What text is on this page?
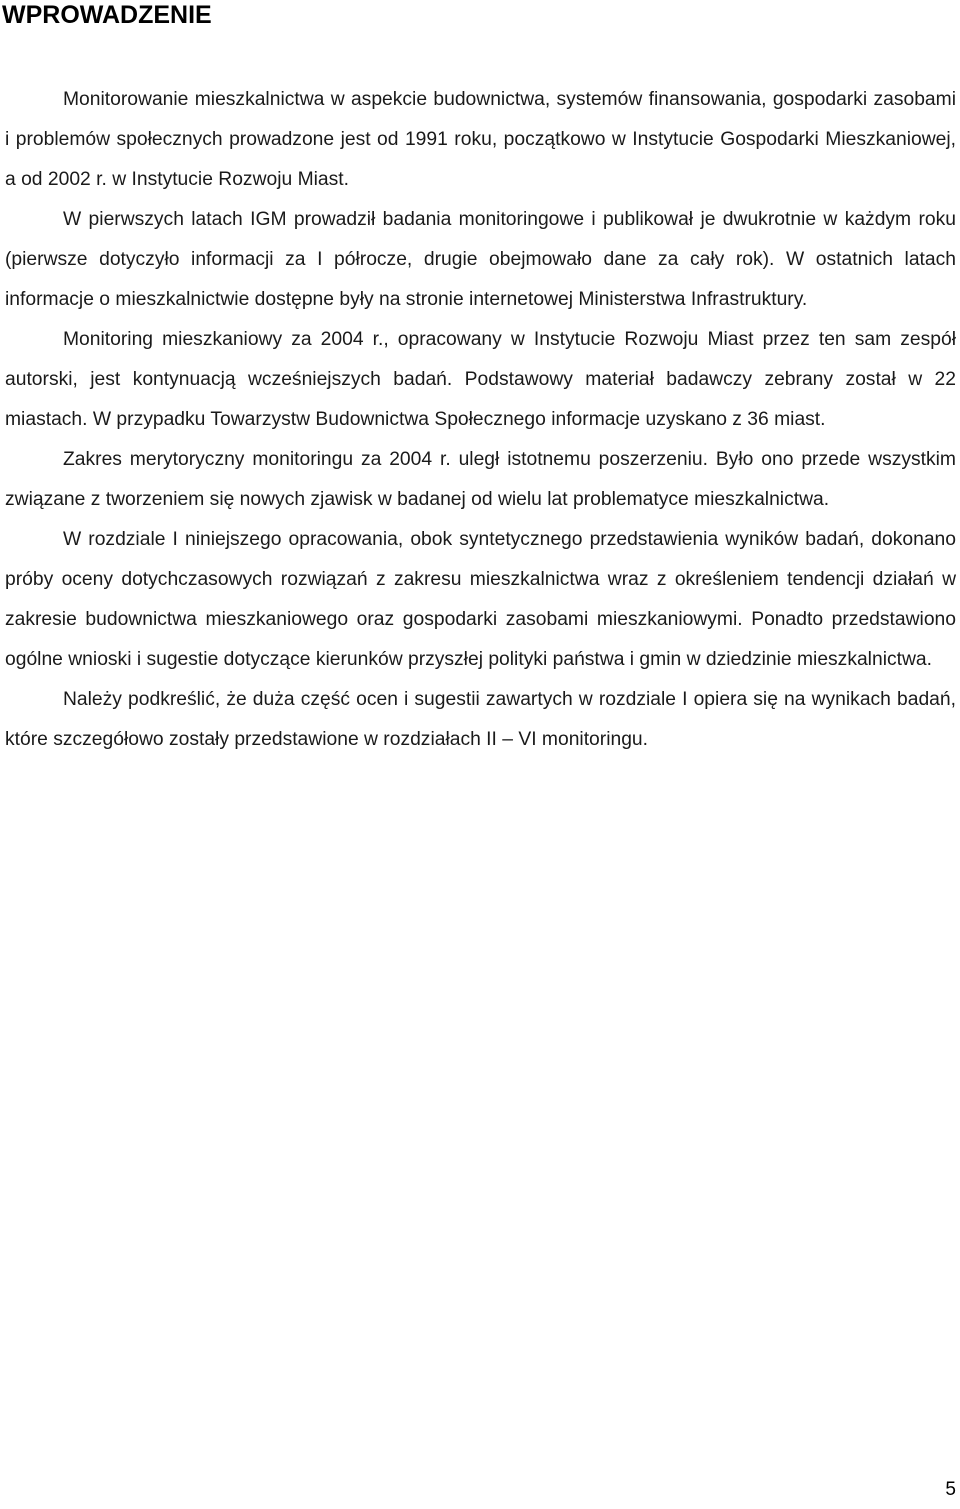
WPROWADZENIE

Monitorowanie mieszkalnictwa w aspekcie budownictwa, systemów finansowania, gospodarki zasobami i problemów społecznych prowadzone jest od 1991 roku, początkowo w Instytucie Gospodarki Mieszkaniowej, a od 2002 r. w Instytucie Rozwoju Miast.

W pierwszych latach IGM prowadził badania monitoringowe i publikował je dwukrotnie w każdym roku (pierwsze dotyczyło informacji za I półrocze, drugie obejmowało dane za cały rok). W ostatnich latach informacje o mieszkalnictwie dostępne były na stronie internetowej Ministerstwa Infrastruktury.

Monitoring mieszkaniowy za 2004 r., opracowany w Instytucie Rozwoju Miast przez ten sam zespół autorski, jest kontynuacją wcześniejszych badań. Podstawowy materiał badawczy zebrany został w 22 miastach. W przypadku Towarzystw Budownictwa Społecznego informacje uzyskano z 36 miast.

Zakres merytoryczny monitoringu za 2004 r. uległ istotnemu poszerzeniu. Było ono przede wszystkim związane z tworzeniem się nowych zjawisk w badanej od wielu lat problematyce mieszkalnictwa.

W rozdziale I niniejszego opracowania, obok syntetycznego przedstawienia wyników badań, dokonano próby oceny dotychczasowych rozwiązań z zakresu mieszkalnictwa wraz z określeniem tendencji działań w zakresie budownictwa mieszkaniowego oraz gospodarki zasobami mieszkaniowymi. Ponadto przedstawiono ogólne wnioski i sugestie dotyczące kierunków przyszłej polityki państwa i gmin w dziedzinie mieszkalnictwa.

Należy podkreślić, że duża część ocen i sugestii zawartych w rozdziale I opiera się na wynikach badań, które szczegółowo zostały przedstawione w rozdziałach II – VI monitoringu.

5
